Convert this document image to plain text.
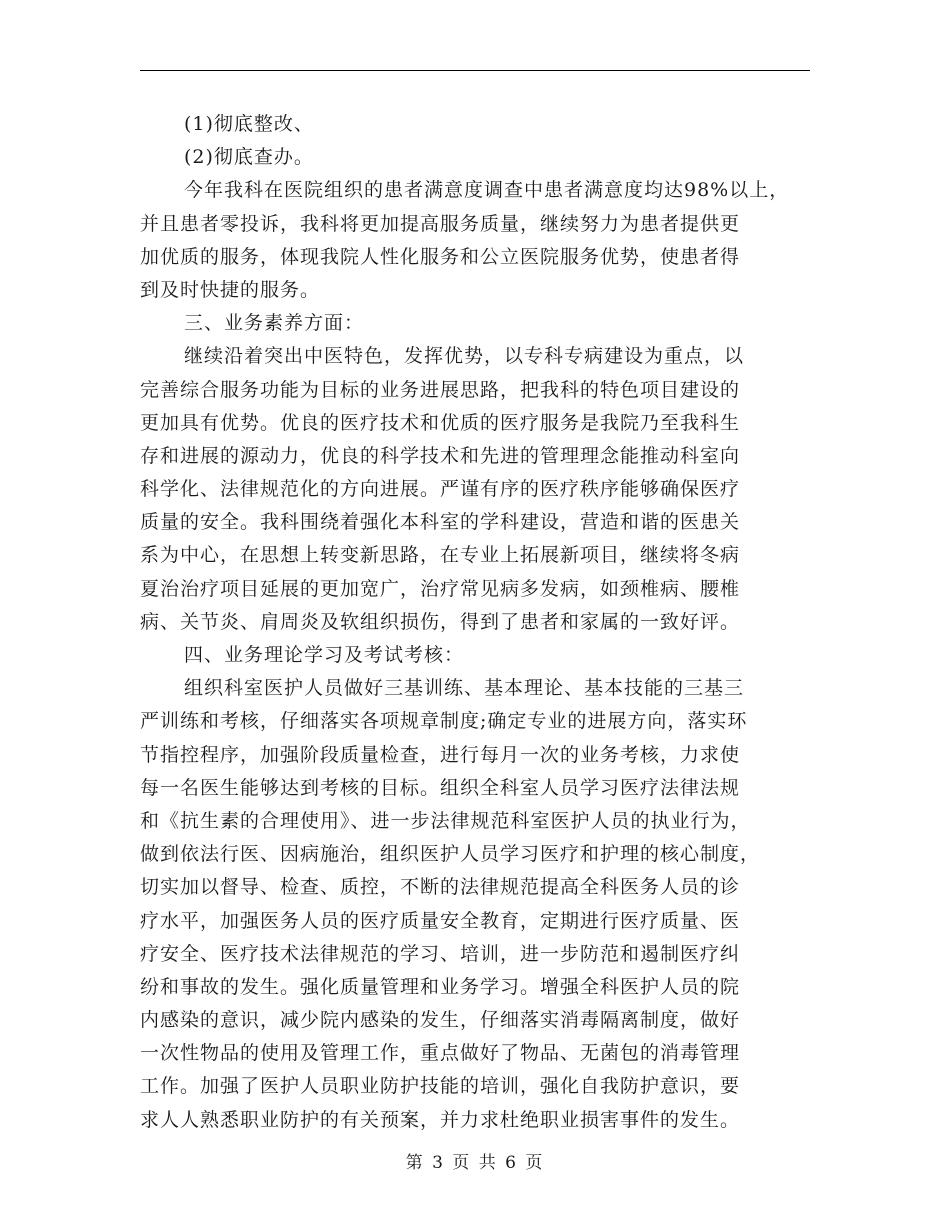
(1)彻底整改、
(2)彻底查办。
今年我科在医院组织的患者满意度调查中患者满意度均达98%以上，
并且患者零投诉，我科将更加提高服务质量，继续努力为患者提供更
加优质的服务，体现我院人性化服务和公立医院服务优势，使患者得
到及时快捷的服务。
三、业务素养方面：
继续沿着突出中医特色，发挥优势，以专科专病建设为重点，以
完善综合服务功能为目标的业务进展思路，把我科的特色项目建设的
更加具有优势。优良的医疗技术和优质的医疗服务是我院乃至我科生
存和进展的源动力，优良的科学技术和先进的管理理念能推动科室向
科学化、法律规范化的方向进展。严谨有序的医疗秩序能够确保医疗
质量的安全。我科围绕着强化本科室的学科建设，营造和谐的医患关
系为中心，在思想上转变新思路，在专业上拓展新项目，继续将冬病
夏治治疗项目延展的更加宽广，治疗常见病多发病，如颈椎病、腰椎
病、关节炎、肩周炎及软组织损伤，得到了患者和家属的一致好评。
四、业务理论学习及考试考核：
组织科室医护人员做好三基训练、基本理论、基本技能的三基三
严训练和考核，仔细落实各项规章制度;确定专业的进展方向，落实环
节指控程序，加强阶段质量检查，进行每月一次的业务考核，力求使
每一名医生能够达到考核的目标。组织全科室人员学习医疗法律法规
和《抗生素的合理使用》、进一步法律规范科室医护人员的执业行为，
做到依法行医、因病施治，组织医护人员学习医疗和护理的核心制度，
切实加以督导、检查、质控，不断的法律规范提高全科医务人员的诊
疗水平，加强医务人员的医疗质量安全教育，定期进行医疗质量、医
疗安全、医疗技术法律规范的学习、培训，进一步防范和遏制医疗纠
纷和事故的发生。强化质量管理和业务学习。增强全科医护人员的院
内感染的意识，减少院内感染的发生，仔细落实消毒隔离制度，做好
一次性物品的使用及管理工作，重点做好了物品、无菌包的消毒管理
工作。加强了医护人员职业防护技能的培训，强化自我防护意识，要
求人人熟悉职业防护的有关预案，并力求杜绝职业损害事件的发生。
第 3 页 共 6 页
